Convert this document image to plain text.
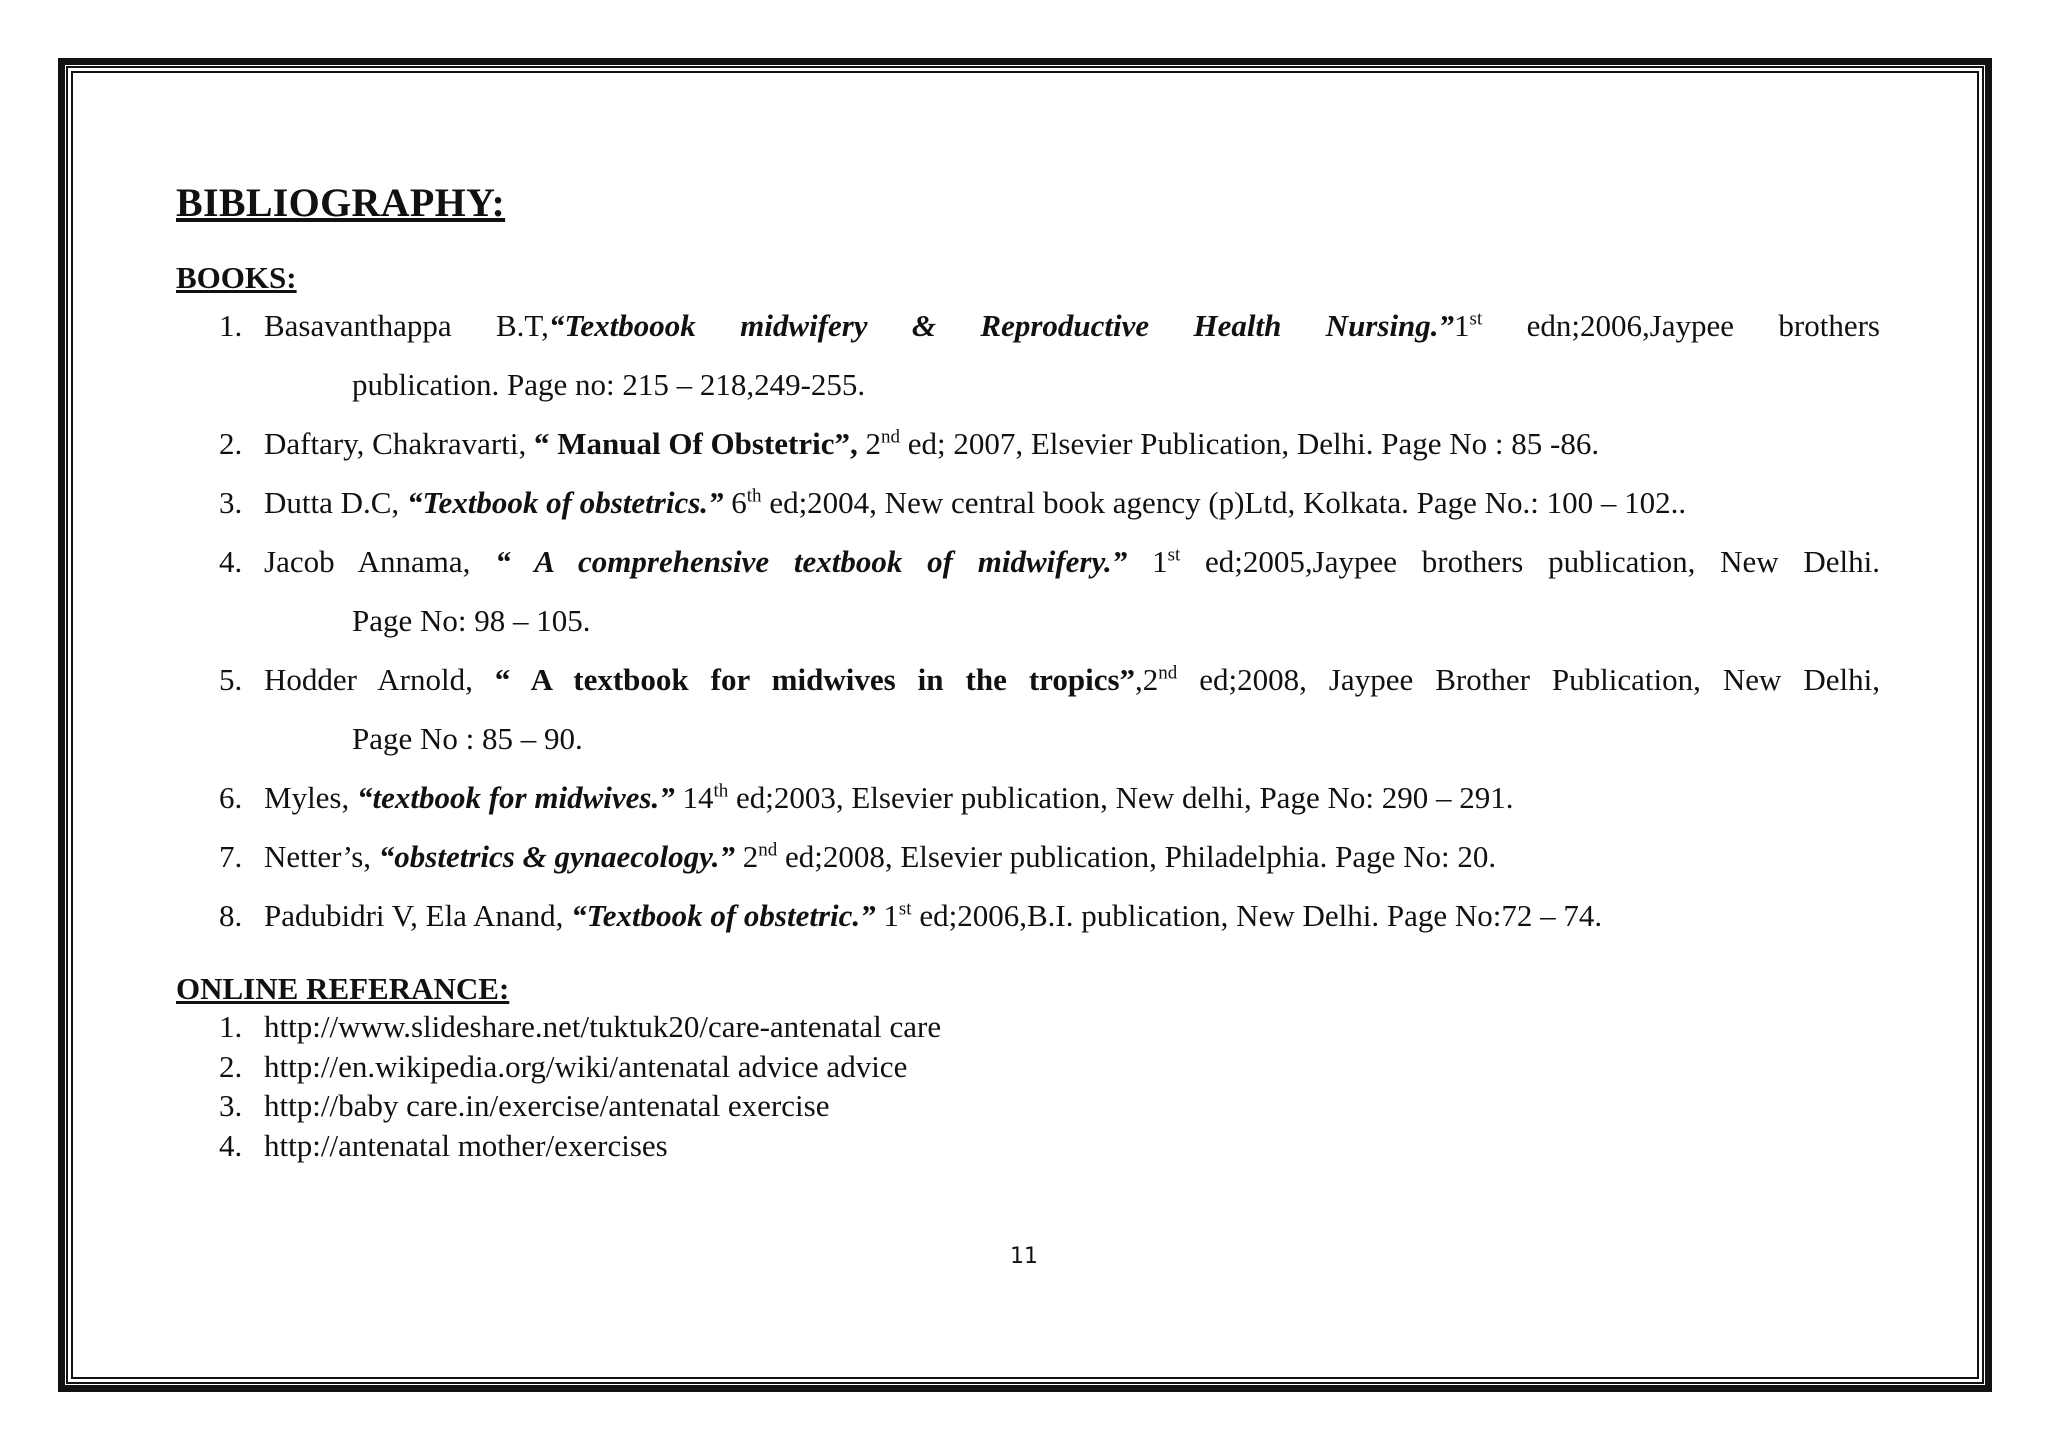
BIBLIOGRAPHY:
BOOKS:
1. Basavanthappa B.T,“Textboook midwifery & Reproductive Health Nursing.”1st edn;2006,Jaypee brothers
publication. Page no: 215 – 218,249-255.
2. Daftary, Chakravarti, “ Manual Of Obstetric”, 2nd ed; 2007, Elsevier Publication, Delhi. Page No : 85 -86.
3. Dutta D.C, “Textbook of obstetrics.” 6th ed;2004, New central book agency (p)Ltd, Kolkata. Page No.: 100 – 102..
4. Jacob Annama, “ A comprehensive textbook of midwifery.” 1st ed;2005,Jaypee brothers publication, New Delhi.
Page No: 98 – 105.
5. Hodder Arnold, “ A textbook for midwives in the tropics”,2nd ed;2008, Jaypee Brother Publication, New Delhi,
Page No : 85 – 90.
6. Myles, “textbook for midwives.” 14th ed;2003, Elsevier publication, New delhi, Page No: 290 – 291.
7. Netter’s, “obstetrics & gynaecology.” 2nd ed;2008, Elsevier publication, Philadelphia. Page No: 20.
8. Padubidri V, Ela Anand, “Textbook of obstetric.” 1st ed;2006,B.I. publication, New Delhi. Page No:72 – 74.
ONLINE REFERANCE:
1. http://www.slideshare.net/tuktuk20/care-antenatal care
2. http://en.wikipedia.org/wiki/antenatal advice advice
3. http://baby care.in/exercise/antenatal exercise
4. http://antenatal mother/exercises
11
